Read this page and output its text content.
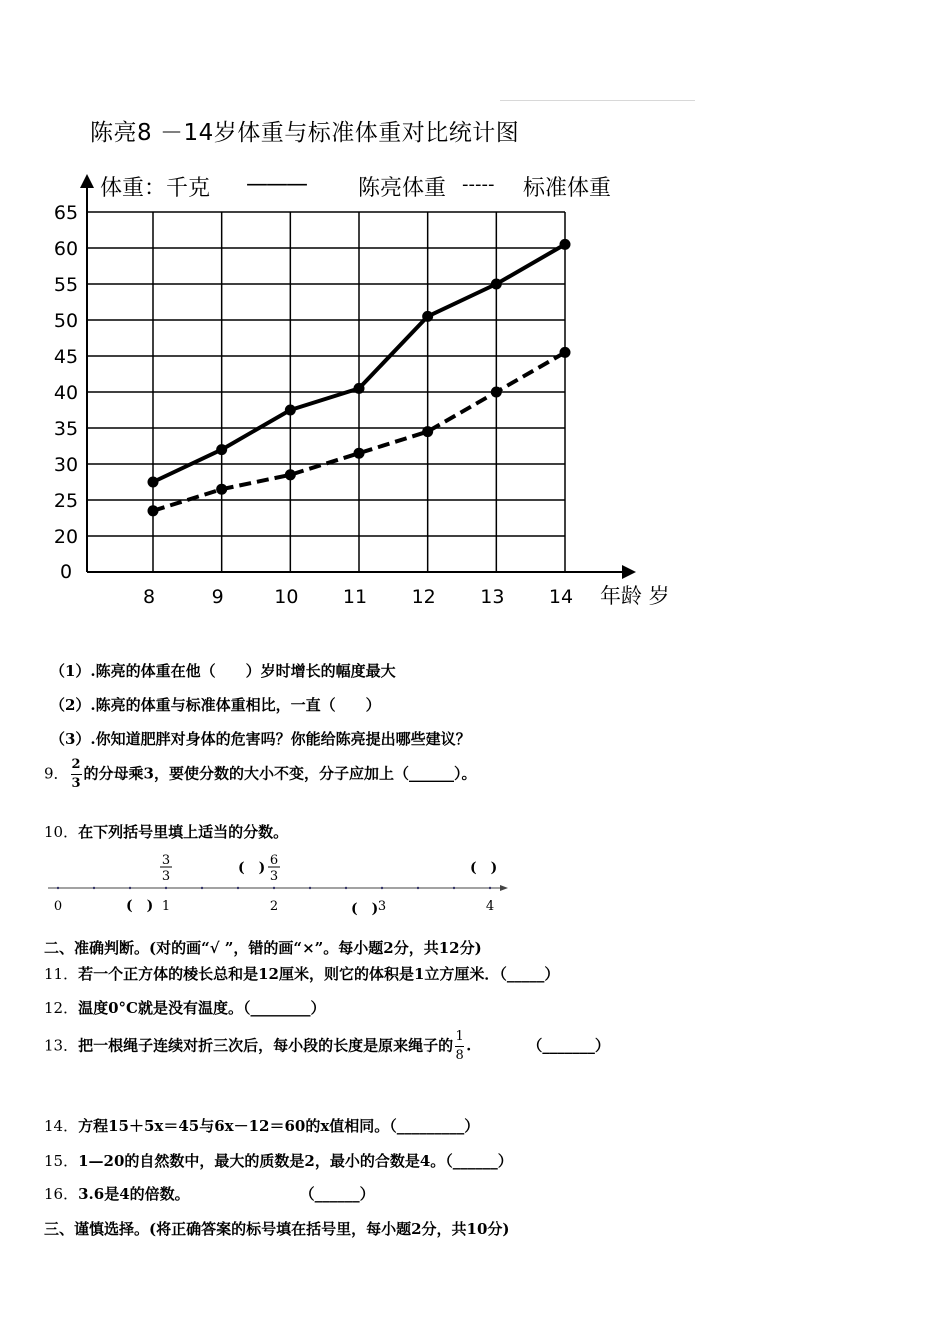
陈亮8 －14岁体重与标准体重对比统计图
0
20
25
30
35
40
45
50
55
60
65
8	9	10 11 12 13 14 年龄 岁
体重：千克 ——— 陈亮体重 ----- 标准体重
（1）.陈亮的体重在他（　　）岁时增长的幅度最大
（2）.陈亮的体重与标准体重相比，一直（　　）
（3）.你知道肥胖对身体的危害吗？你能给陈亮提出哪些建议？
9． $\frac{2}{3}$ 的分母乘3，要使分数的大小不变，分子应加上（______）。
10．在下列括号里填上适当的分数。
0	1	2	3	4
3
3
6
3
(　)	(　)
(　)	(　)
二、准确判断。(对的画“√ ”，错的画“×”。每小题2分，共12分)
11．若一个正方体的棱长总和是12厘米，则它的体积是1立方厘米．（_____）
12．温度0°C就是没有温度。（________）
13．把一根绳子连续对折三次后，每小段的长度是原来绳子的 $\frac{1}{8}$ .	（_______）
14．方程15＋5x＝45与6x－12＝60的x值相同。（_________）
15．1—20的自然数中，最大的质数是2，最小的合数是4。（______）
16．3.6是4的倍数。	（______）
三、谨慎选择。(将正确答案的标号填在括号里，每小题2分，共10分)
